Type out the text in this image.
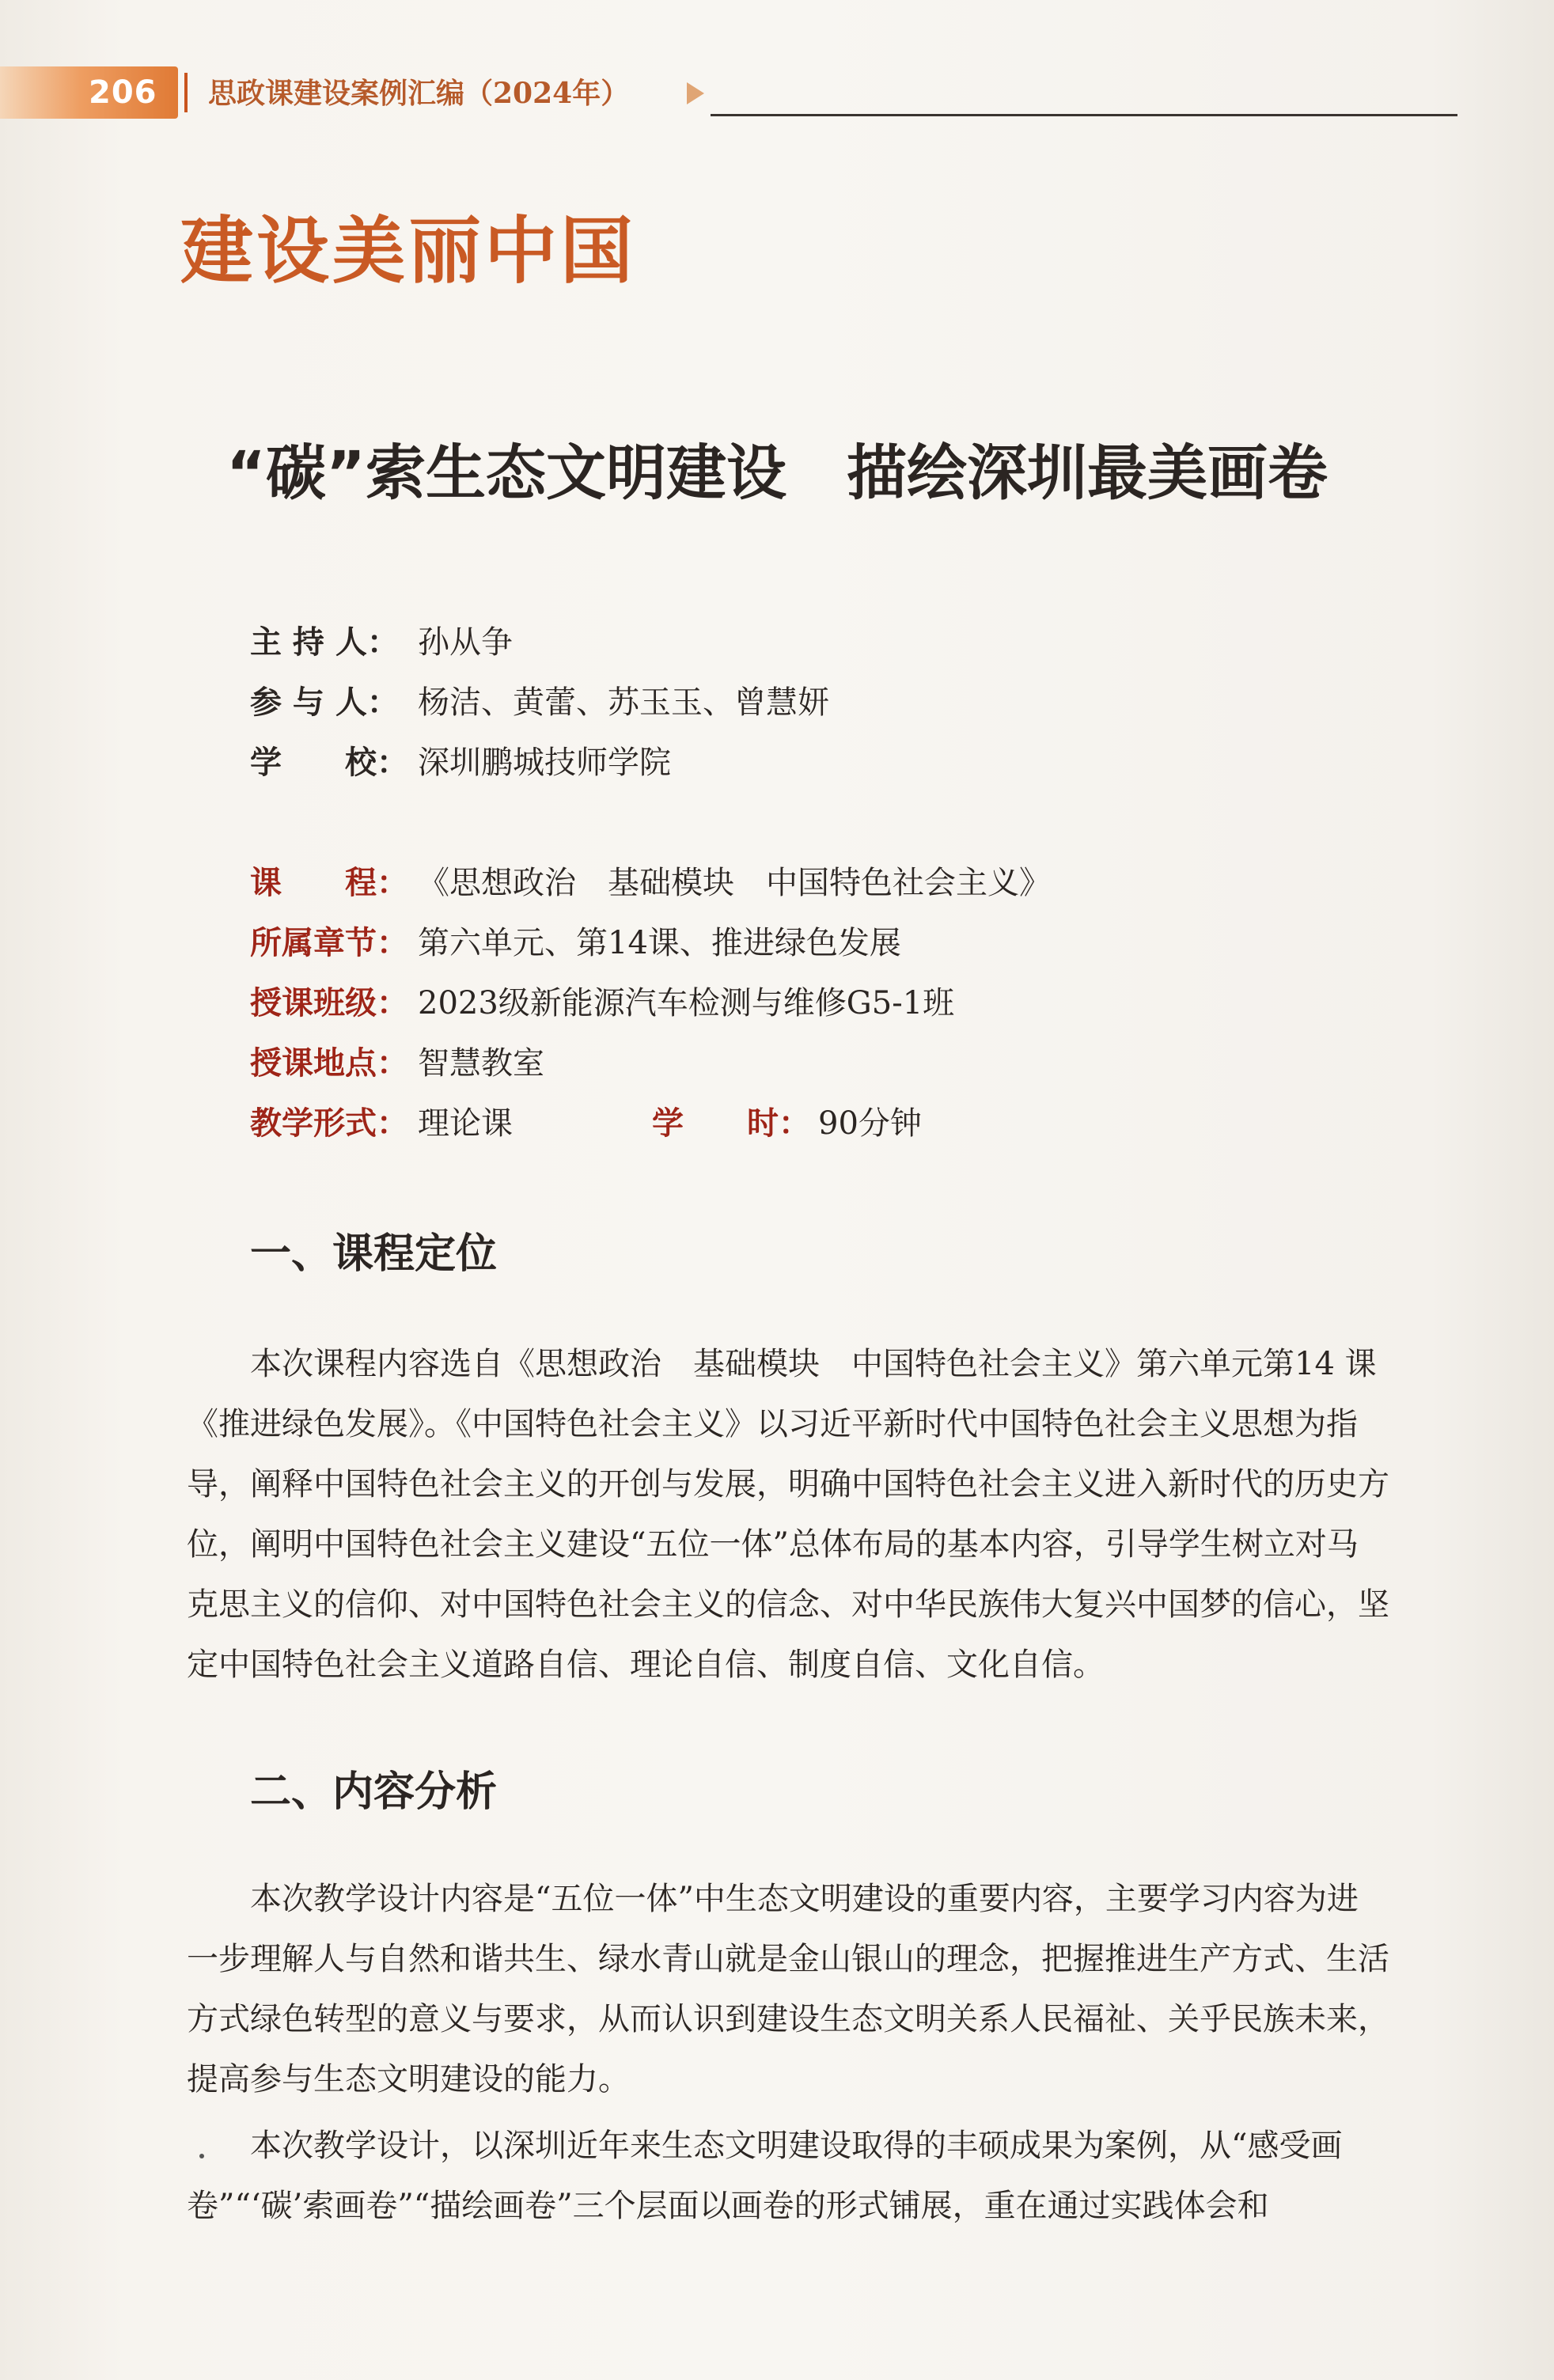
206 思政课建设案例汇编（2024年）
建设美丽中国
“碳”索生态文明建设　描绘深圳最美画卷
主 持 人： 孙从争
参 与 人： 杨洁、黄蕾、苏玉玉、曾慧妍
学　　校： 深圳鹏城技师学院
课　　程： 《思想政治　基础模块　中国特色社会主义》
所属章节： 第六单元、第14课、推进绿色发展
授课班级： 2023级新能源汽车检测与维修G5-1班
授课地点： 智慧教室
教学形式： 理论课	学　　时： 90分钟
一、课程定位
本次课程内容选自《思想政治　基础模块　中国特色社会主义》第六单元第14 课
《推进绿色发展》。《中国特色社会主义》以习近平新时代中国特色社会主义思想为指
导，阐释中国特色社会主义的开创与发展，明确中国特色社会主义进入新时代的历史方
位，阐明中国特色社会主义建设“五位一体”总体布局的基本内容，引导学生树立对马
克思主义的信仰、对中国特色社会主义的信念、对中华民族伟大复兴中国梦的信心，坚
定中国特色社会主义道路自信、理论自信、制度自信、文化自信。
二、内容分析
本次教学设计内容是“五位一体”中生态文明建设的重要内容，主要学习内容为进
一步理解人与自然和谐共生、绿水青山就是金山银山的理念，把握推进生产方式、生活
方式绿色转型的意义与要求，从而认识到建设生态文明关系人民福祉、关乎民族未来，
提高参与生态文明建设的能力。
本次教学设计，以深圳近年来生态文明建设取得的丰硕成果为案例，从“感受画
卷”“‘碳’索画卷”“描绘画卷”三个层面以画卷的形式铺展，重在通过实践体会和
